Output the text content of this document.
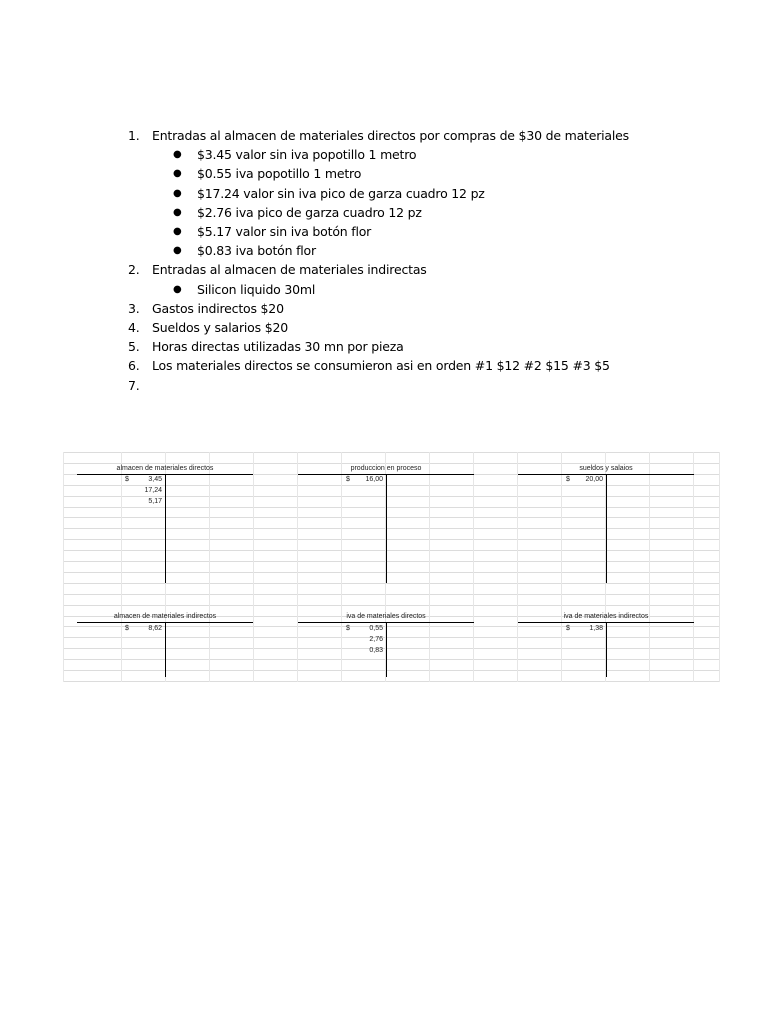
1. Entradas al almacen de materiales directos por compras de $30 de materiales
● $3.45 valor sin iva popotillo 1 metro
● $0.55 iva popotillo 1 metro
● $17.24 valor sin iva pico de garza cuadro 12 pz
● $2.76 iva pico de garza cuadro 12 pz
● $5.17 valor sin iva botón flor
● $0.83 iva botón flor
2. Entradas al almacen de materiales indirectas
● Silicon liquido 30ml
3. Gastos indirectos $20
4. Sueldos y salarios $20
5. Horas directas utilizadas 30 mn por pieza
6. Los materiales directos se consumieron asi en orden #1 $12 #2 $15 #3 $5
7.
almacen de materiales directos
$	3,45
17,24
5,17
produccion en proceso
$	16,00
sueldos y salaios
$	20,00
almacen de materiales indirectos
$	8,62
iva de materiales directos
$	0,55
2,76
0,83
iva de materiales indirectos
$	1,38
